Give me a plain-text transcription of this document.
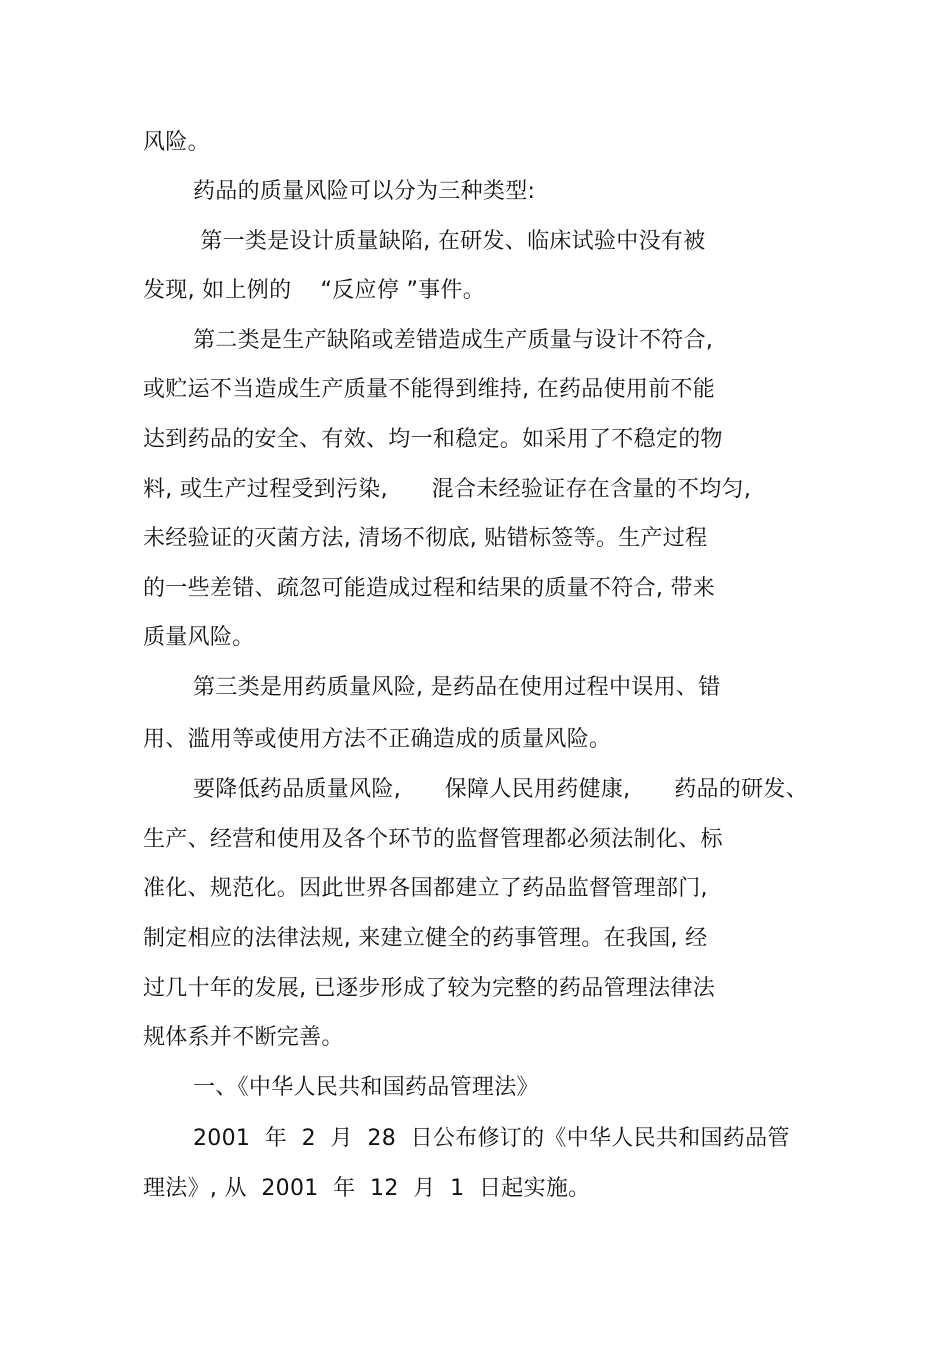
风险。
药品的质量风险可以分为三种类型:
第一类是设计质量缺陷, 在研发、临床试验中没有被
发现, 如上例的    “反应停 ”事件。
第二类是生产缺陷或差错造成生产质量与设计不符合,
或贮运不当造成生产质量不能得到维持, 在药品使用前不能
达到药品的安全、有效、均一和稳定。如采用了不稳定的物
料, 或生产过程受到污染,      混合未经验证存在含量的不均匀,
未经验证的灭菌方法, 清场不彻底, 贴错标签等。生产过程
的一些差错、疏忽可能造成过程和结果的质量不符合, 带来
质量风险。
第三类是用药质量风险, 是药品在使用过程中误用、错
用、滥用等或使用方法不正确造成的质量风险。
要降低药品质量风险,      保障人民用药健康,      药品的研发、
生产、经营和使用及各个环节的监督管理都必须法制化、标
准化、规范化。因此世界各国都建立了药品监督管理部门,
制定相应的法律法规, 来建立健全的药事管理。在我国, 经
过几十年的发展, 已逐步形成了较为完整的药品管理法律法
规体系并不断完善。
一、《中华人民共和国药品管理法》
2001  年  2  月  28  日公布修订的《中华人民共和国药品管
理法》, 从  2001  年  12  月  1  日起实施。
